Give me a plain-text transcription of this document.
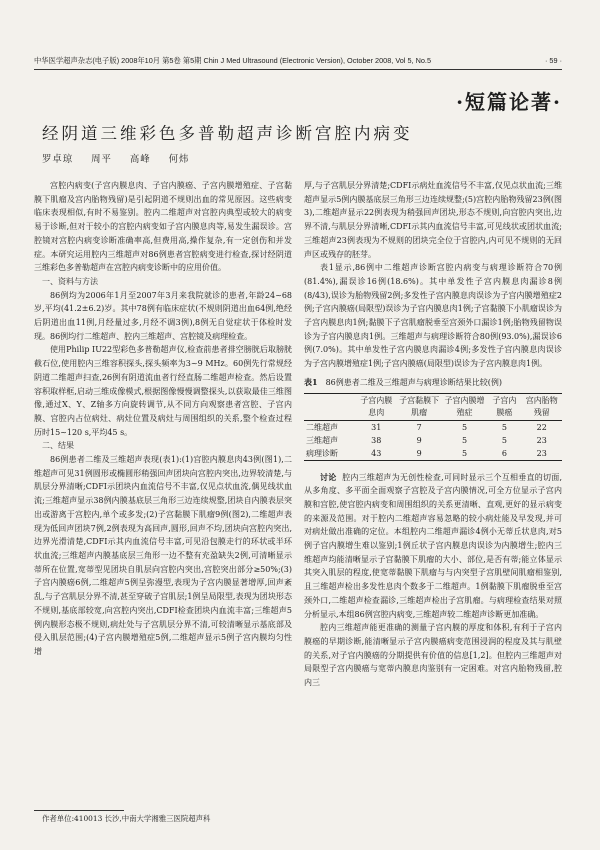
中华医学超声杂志(电子版) 2008年10月 第5卷 第5期 Chin J Med Ultrasound (Electronic Version), October 2008, Vol 5, No.5	· 59 ·
·短篇论著·
经阴道三维彩色多普勒超声诊断宫腔内病变
罗卓琼 周平 高峰 何炜

宫腔内病变(子宫内膜息肉、子宫内膜癌、子宫内膜增殖症、子宫黏膜下肌瘤及宫内胎物残留)是引起阴道不规则出血的常见原因。这些病变临床表现相似,有时不易鉴别。腔内二维超声对宫腔内典型或较大的病变易于诊断,但对于较小的宫腔内病变如子宫内膜息肉等,易发生漏误诊。宫腔镜对宫腔内病变诊断准确率高,但费用高,操作复杂,有一定创伤和并发症。本研究运用腔内三维超声对86例患者宫腔病变进行检查,探讨经阴道三维彩色多普勒超声在宫腔内病变诊断中的应用价值。

一、资料与方法

86例均为2006年1月至2007年3月来我院就诊的患者,年龄24~68岁,平均(41.2±6.2)岁。其中78例有临床症状(不规则阴道出血64例,绝经后阴道出血11例,月经量过多,月经不调3例),8例无自觉症状于体检时发现。86例均行二维超声、腔内三维超声、宫腔镜及病理检查。

使用Philip IU22型彩色多普勒超声仪,检查前患者排空膀胱后取膀胱截石位,使用腔内三维容积探头,探头频率为3~9 MHz。60例先行常规经阴道二维超声扫查,26例有阴道流血者行经直肠二维超声检查。然后设置容积取样框,启动三维成像模式,根据图像慢慢调整探头,以获取最佳三维图像,通过X、Y、Z轴多方向旋转调节,从不同方向观察患者宫腔、子宫内膜、宫腔内占位病灶、病灶位置及病灶与周围组织的关系,整个检查过程历时15~120 s,平均45 s。

二、结果

86例患者二维及三维超声表现(表1):(1)宫腔内膜息肉43例(图1),二维超声可见31例圆形或椭圆形稍强回声团块向宫腔内突出,边界较清楚,与肌层分界清晰;CDFI示团块内血流信号不丰富,仅见点状血流,偶见线状血流;三维超声显示38例内膜基底层三角形三边连续规整,团块自内膜表层突出或游离于宫腔内,单个或多发;(2)子宫黏膜下肌瘤9例(图2),二维超声表现为低回声团块7例,2例表现为高回声,圆形,回声不均,团块向宫腔内突出,边界光滑清楚,CDFI示其内血流信号丰富,可见沿包膜走行的环状或半环状血流;三维超声内膜基底层三角形一边不整有充盈缺失2例,可清晰显示蒂所在位置,宽蒂型见团块自肌层向宫腔内突出,宫腔突出部分≥50%;(3)子宫内膜癌6例,二维超声5例呈弥漫型,表现为子宫内膜显著增厚,回声紊乱,与子宫肌层分界不清,甚至穿破子宫肌层;1例呈局限型,表现为团块形态不规则,基底部较宽,向宫腔内突出,CDFI检查团块内血流丰富;三维超声5例内膜形态极不规则,病灶处与子宫肌层分界不清,可较清晰显示基底部及侵入肌层范围;(4)子宫内膜增殖症5例,二维超声显示5例子宫内膜均匀性增

厚,与子宫肌层分界清楚;CDFI示病灶血流信号不丰富,仅见点状血流;三维超声显示5例内膜基底层三角形三边连续规整;(5)宫腔内胎物残留23例(图3),二维超声显示22例表现为稍强回声团块,形态不规则,向宫腔内突出,边界不清,与肌层分界清晰,CDFI示其内血流信号丰富,可见线状或团状血流;三维超声23例表现为不规则的团块完全位于宫腔内,内可见不规则的无回声区或残存的胚芽。

表1显示,86例中二维超声诊断宫腔内病变与病理诊断符合70例(81.4%),漏误诊16例(18.6%)。其中单发性子宫内膜息肉漏诊8例(8/43),误诊为胎物残留2例;多发性子宫内膜息肉误诊为子宫内膜增殖症2例;子宫内膜癌(局限型)误诊为子宫内膜息肉1例;子宫黏膜下小肌瘤误诊为子宫内膜息肉1例;黏膜下子宫肌瘤脱垂至宫颈外口漏诊1例;胎物残留物误诊为子宫内膜息肉1例。三维超声与病理诊断符合80例(93.0%),漏误诊6例(7.0%)。其中单发性子宫内膜息肉漏诊4例;多发性子宫内膜息肉误诊为子宫内膜增殖症1例;子宫内膜癌(局限型)误诊为子宫内膜息肉1例。

表1 86例患者二维及三维超声与病理诊断结果比较(例)
	子宫内膜息肉	子宫黏膜下肌瘤	子宫内膜增殖症	子宫内膜癌	宫内胎物残留
二维超声	31	7	5	5	22
三维超声	38	9	5	5	23
病理诊断	43	9	5	6	23

讨论 腔内三维超声为无创性检查,可同时显示三个互相垂直的切面,从多角度、多平面全面观察子宫腔及子宫内膜情况,可全方位显示子宫内膜和宫腔,使宫腔内病变和周围组织的关系更清晰、直观,更好的显示病变的来源及范围。对于腔内二维超声容易忽略的较小病灶能及早发现,并可对病灶做出准确的定位。本组腔内二维超声漏诊4例小无蒂丘状息肉,对5例子宫内膜增生难以鉴别;1例丘状子宫内膜息肉误诊为内膜增生;腔内三维超声均能清晰显示子宫黏膜下肌瘤的大小、部位,是否有蒂;能立体显示其突入肌层的程度,使宽蒂黏膜下肌瘤与与内突型子宫肌壁间肌瘤相鉴别,且三维超声检出多发性息肉个数多于二维超声。1例黏膜下肌瘤脱垂至宫颈外口,二维超声检查漏诊,三维超声检出子宫肌瘤。与病理检查结果对照分析显示,本组86例宫腔内病变,三维超声较二维超声诊断更加准确。

腔内三维超声能更准确的测量子宫内膜的厚度和体积,有利于子宫内膜癌的早期诊断,能清晰显示子宫内膜癌病变范围浸润的程度及其与肌壁的关系,对子宫内膜癌的分期提供有价值的信息[1,2]。但腔内三维超声对局限型子宫内膜癌与宽蒂内膜息肉鉴别有一定困难。对宫内胎物残留,腔内三

作者单位:410013 长沙,中南大学湘雅三医院超声科
